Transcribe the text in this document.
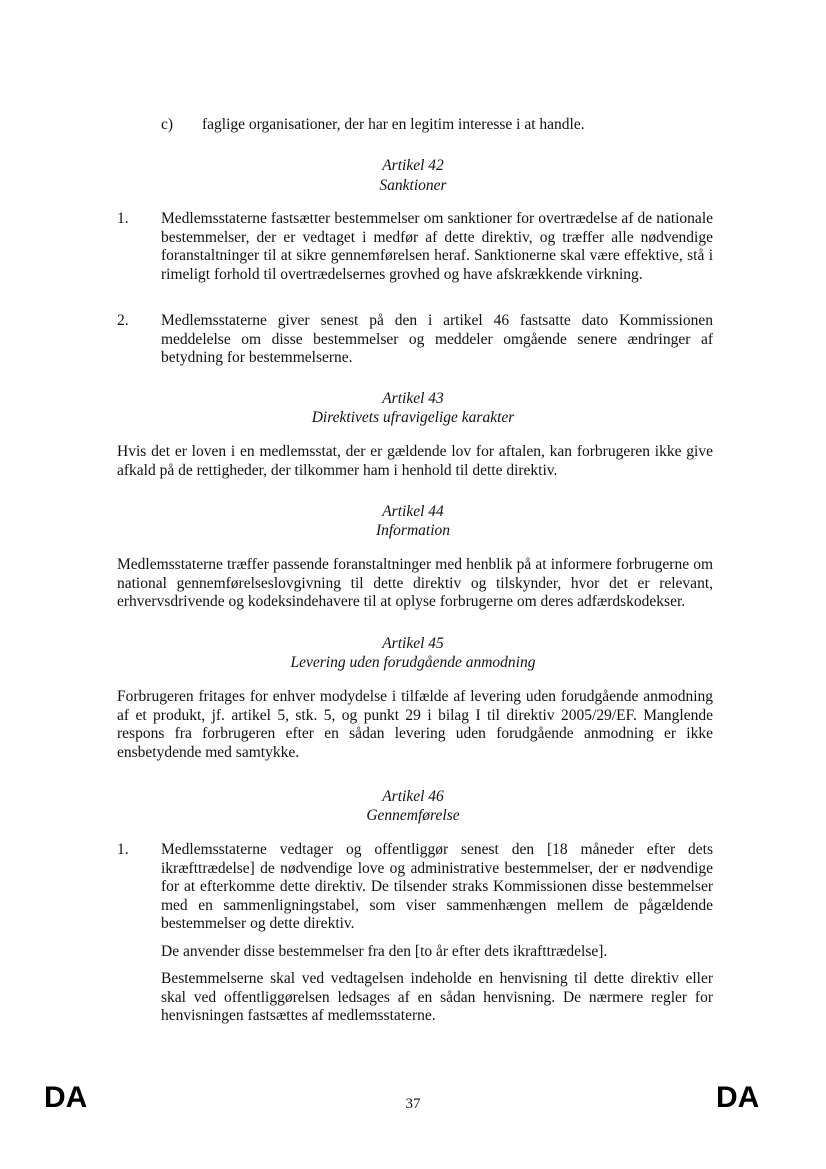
c) faglige organisationer, der har en legitim interesse i at handle.
Artikel 42
Sanktioner
1. Medlemsstaterne fastsætter bestemmelser om sanktioner for overtrædelse af de nationale bestemmelser, der er vedtaget i medfør af dette direktiv, og træffer alle nødvendige foranstaltninger til at sikre gennemførelsen heraf. Sanktionerne skal være effektive, stå i rimeligt forhold til overtrædelsernes grovhed og have afskrækkende virkning.
2. Medlemsstaterne giver senest på den i artikel 46 fastsatte dato Kommissionen meddelelse om disse bestemmelser og meddeler omgående senere ændringer af betydning for bestemmelserne.
Artikel 43
Direktivets ufravigelige karakter
Hvis det er loven i en medlemsstat, der er gældende lov for aftalen, kan forbrugeren ikke give afkald på de rettigheder, der tilkommer ham i henhold til dette direktiv.
Artikel 44
Information
Medlemsstaterne træffer passende foranstaltninger med henblik på at informere forbrugerne om national gennemførelseslovgivning til dette direktiv og tilskynder, hvor det er relevant, erhvervsdrivende og kodeksindehavere til at oplyse forbrugerne om deres adfærdskodekser.
Artikel 45
Levering uden forudgående anmodning
Forbrugeren fritages for enhver modydelse i tilfælde af levering uden forudgående anmodning af et produkt, jf. artikel 5, stk. 5, og punkt 29 i bilag I til direktiv 2005/29/EF. Manglende respons fra forbrugeren efter en sådan levering uden forudgående anmodning er ikke ensbetydende med samtykke.
Artikel 46
Gennemførelse
1. Medlemsstaterne vedtager og offentliggør senest den [18 måneder efter dets ikræfttrædelse] de nødvendige love og administrative bestemmelser, der er nødvendige for at efterkomme dette direktiv. De tilsender straks Kommissionen disse bestemmelser med en sammenligningstabel, som viser sammenhængen mellem de pågældende bestemmelser og dette direktiv.
De anvender disse bestemmelser fra den [to år efter dets ikrafttrædelse].
Bestemmelserne skal ved vedtagelsen indeholde en henvisning til dette direktiv eller skal ved offentliggørelsen ledsages af en sådan henvisning. De nærmere regler for henvisningen fastsættes af medlemsstaterne.
DA	37	DA
